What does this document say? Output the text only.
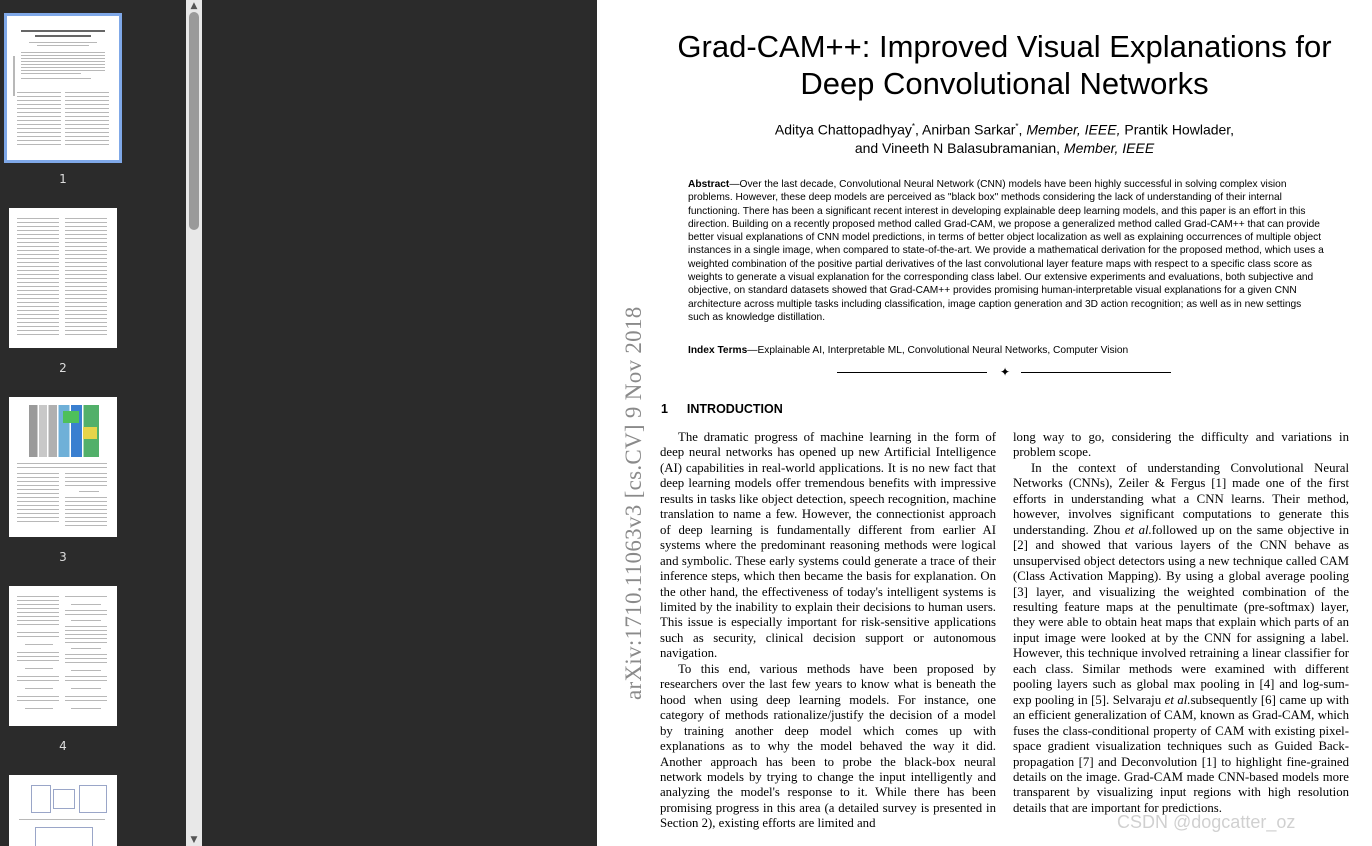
1
2
3
4
▲
▼
Grad-CAM++: Improved Visual Explanations for
Deep Convolutional Networks
Aditya Chattopadhyay*, Anirban Sarkar*, Member, IEEE, Prantik Howlader,
and Vineeth N Balasubramanian, Member, IEEE
Abstract—Over the last decade, Convolutional Neural Network (CNN) models have been highly successful in solving complex vision problems. However, these deep models are perceived as "black box" methods considering the lack of understanding of their internal functioning. There has been a significant recent interest in developing explainable deep learning models, and this paper is an effort in this direction. Building on a recently proposed method called Grad-CAM, we propose a generalized method called Grad-CAM++ that can provide better visual explanations of CNN model predictions, in terms of better object localization as well as explaining occurrences of multiple object instances in a single image, when compared to state-of-the-art. We provide a mathematical derivation for the proposed method, which uses a weighted combination of the positive partial derivatives of the last convolutional layer feature maps with respect to a specific class score as weights to generate a visual explanation for the corresponding class label. Our extensive experiments and evaluations, both subjective and objective, on standard datasets showed that Grad-CAM++ provides promising human-interpretable visual explanations for a given CNN architecture across multiple tasks including classification, image caption generation and 3D action recognition; as well as in new settings such as knowledge distillation.
Index Terms—Explainable AI, Interpretable ML, Convolutional Neural Networks, Computer Vision
✦
arXiv:1710.11063v3 [cs.CV] 9 Nov 2018 1 INTRODUCTION

The dramatic progress of machine learning in the form of deep neural networks has opened up new Artificial Intelligence (AI) capabilities in real-world applications. It is no new fact that deep learning models offer tremendous benefits with impressive results in tasks like object detection, speech recognition, machine translation to name a few. However, the connectionist approach of deep learning is fundamentally different from earlier AI systems where the predominant reasoning methods were logical and symbolic. These early systems could generate a trace of their inference steps, which then became the basis for explanation. On the other hand, the effectiveness of today's intelligent systems is limited by the inability to explain their decisions to human users. This issue is especially important for risk-sensitive applications such as security, clinical decision support or autonomous navigation.

To this end, various methods have been proposed by researchers over the last few years to know what is beneath the hood when using deep learning models. For instance, one category of methods rationalize/justify the decision of a model by training another deep model which comes up with explanations as to why the model behaved the way it did. Another approach has been to probe the black-box neural network models by trying to change the input intelligently and analyzing the model's response to it. While there has been promising progress in this area (a detailed survey is presented in Section 2), existing efforts are limited and

long way to go, considering the difficulty and variations in problem scope.

In the context of understanding Convolutional Neural Networks (CNNs), Zeiler & Fergus [1] made one of the first efforts in understanding what a CNN learns. Their method, however, involves significant computations to generate this understanding. Zhou et al.followed up on the same objective in [2] and showed that various layers of the CNN behave as unsupervised object detectors using a new technique called CAM (Class Activation Mapping). By using a global average pooling [3] layer, and visualizing the weighted combination of the resulting feature maps at the penultimate (pre-softmax) layer, they were able to obtain heat maps that explain which parts of an input image were looked at by the CNN for assigning a label. However, this technique involved retraining a linear classifier for each class. Similar methods were examined with different pooling layers such as global max pooling in [4] and log-sum-exp pooling in [5]. Selvaraju et al.subsequently [6] came up with an efficient generalization of CAM, known as Grad-CAM, which fuses the class-conditional property of CAM with existing pixel-space gradient visualization techniques such as Guided Back-propagation [7] and Deconvolution [1] to highlight fine-grained details on the image. Grad-CAM made CNN-based models more transparent by visualizing input regions with high resolution details that are important for predictions.

CSDN @dogcatter_oz
